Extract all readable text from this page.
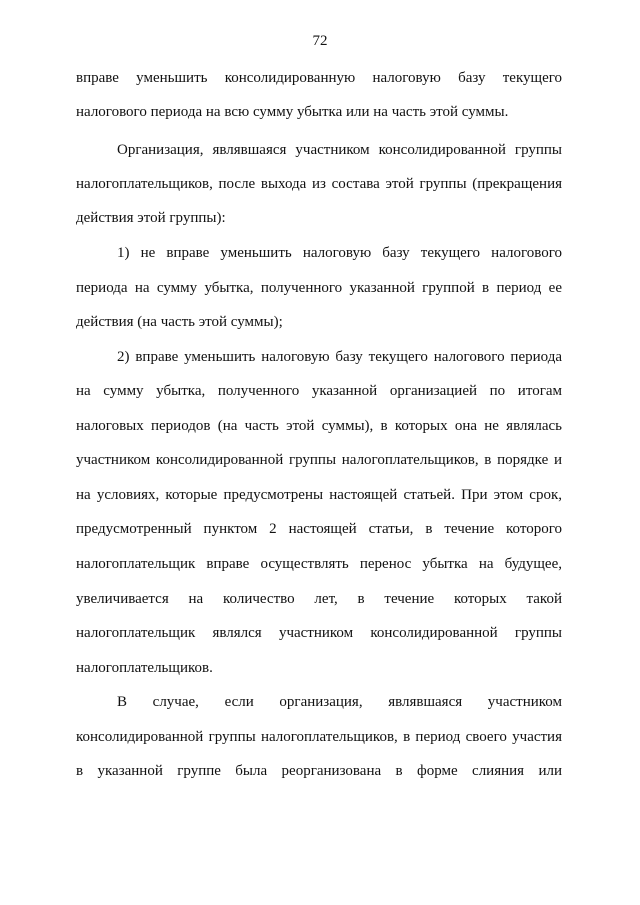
72
вправе уменьшить консолидированную налоговую базу текущего
налогового периода на всю сумму убытка или на часть этой суммы.
Организация, являвшаяся участником консолидированной группы
налогоплательщиков, после выхода из состава этой группы (прекращения
действия этой группы):
1) не вправе уменьшить налоговую базу текущего налогового
периода на сумму убытка, полученного указанной группой в период ее
действия (на часть этой суммы);
2) вправе уменьшить налоговую базу текущего налогового периода
на сумму убытка, полученного указанной организацией по итогам
налоговых периодов (на часть этой суммы), в которых она не являлась
участником консолидированной группы налогоплательщиков, в порядке и
на условиях, которые предусмотрены настоящей статьей. При этом срок,
предусмотренный пунктом 2 настоящей статьи, в течение которого
налогоплательщик вправе осуществлять перенос убытка на будущее,
увеличивается на количество лет, в течение которых такой
налогоплательщик являлся участником консолидированной группы
налогоплательщиков.
В случае, если организация, являвшаяся участником
консолидированной группы налогоплательщиков, в период своего участия
в указанной группе была реорганизована в форме слияния или
